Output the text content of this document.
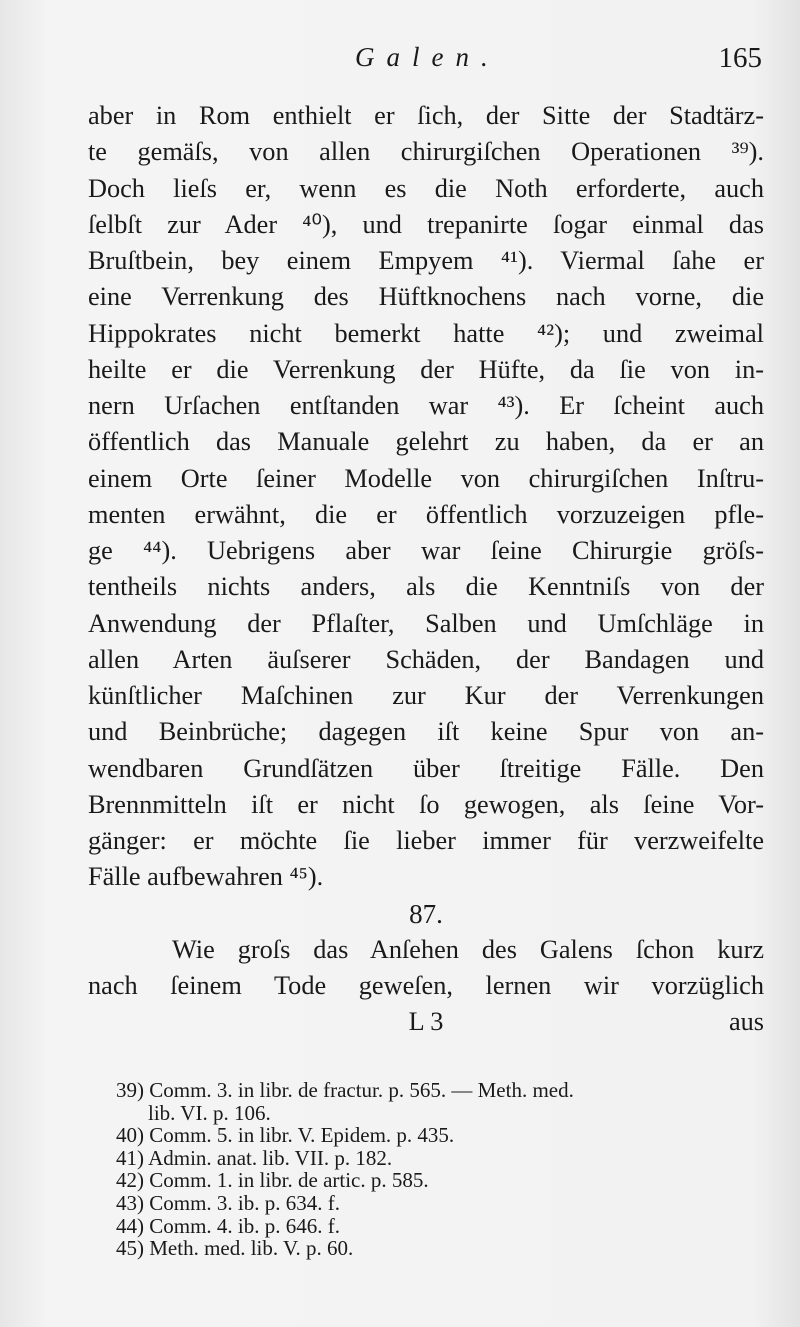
Galen.	165
aber in Rom enthielt er ſich, der Sitte der Stadtärz-
te gemäſs, von allen chirurgiſchen Operationen ³⁹).
Doch lieſs er, wenn es die Noth erforderte, auch
ſelbſt zur Ader ⁴⁰), und trepanirte ſogar einmal das
Bruſtbein, bey einem Empyem ⁴¹). Viermal ſahe er
eine Verrenkung des Hüftknochens nach vorne, die
Hippokrates nicht bemerkt hatte ⁴²); und zweimal
heilte er die Verrenkung der Hüfte, da ſie von in-
nern Urſachen entſtanden war ⁴³). Er ſcheint auch
öffentlich das Manuale gelehrt zu haben, da er an
einem Orte ſeiner Modelle von chirurgiſchen Inſtru-
menten erwähnt, die er öffentlich vorzuzeigen pfle-
ge ⁴⁴). Uebrigens aber war ſeine Chirurgie gröſs-
tentheils nichts anders, als die Kenntniſs von der
Anwendung der Pflaſter, Salben und Umſchläge in
allen Arten äuſserer Schäden, der Bandagen und
künſtlicher Maſchinen zur Kur der Verrenkungen
und Beinbrüche; dagegen iſt keine Spur von an-
wendbaren Grundſätzen über ſtreitige Fälle. Den
Brennmitteln iſt er nicht ſo gewogen, als ſeine Vor-
gänger: er möchte ſie lieber immer für verzweifelte
Fälle aufbewahren ⁴⁵).
87.
Wie groſs das Anſehen des Galens ſchon kurz
nach ſeinem Tode geweſen, lernen wir vorzüglich
L 3	aus
39) Comm. 3. in libr. de fractur. p. 565. — Meth. med.
lib. VI. p. 106.
40) Comm. 5. in libr. V. Epidem. p. 435.
41) Admin. anat. lib. VII. p. 182.
42) Comm. 1. in libr. de artic. p. 585.
43) Comm. 3. ib. p. 634. f.
44) Comm. 4. ib. p. 646. f.
45) Meth. med. lib. V. p. 60.
